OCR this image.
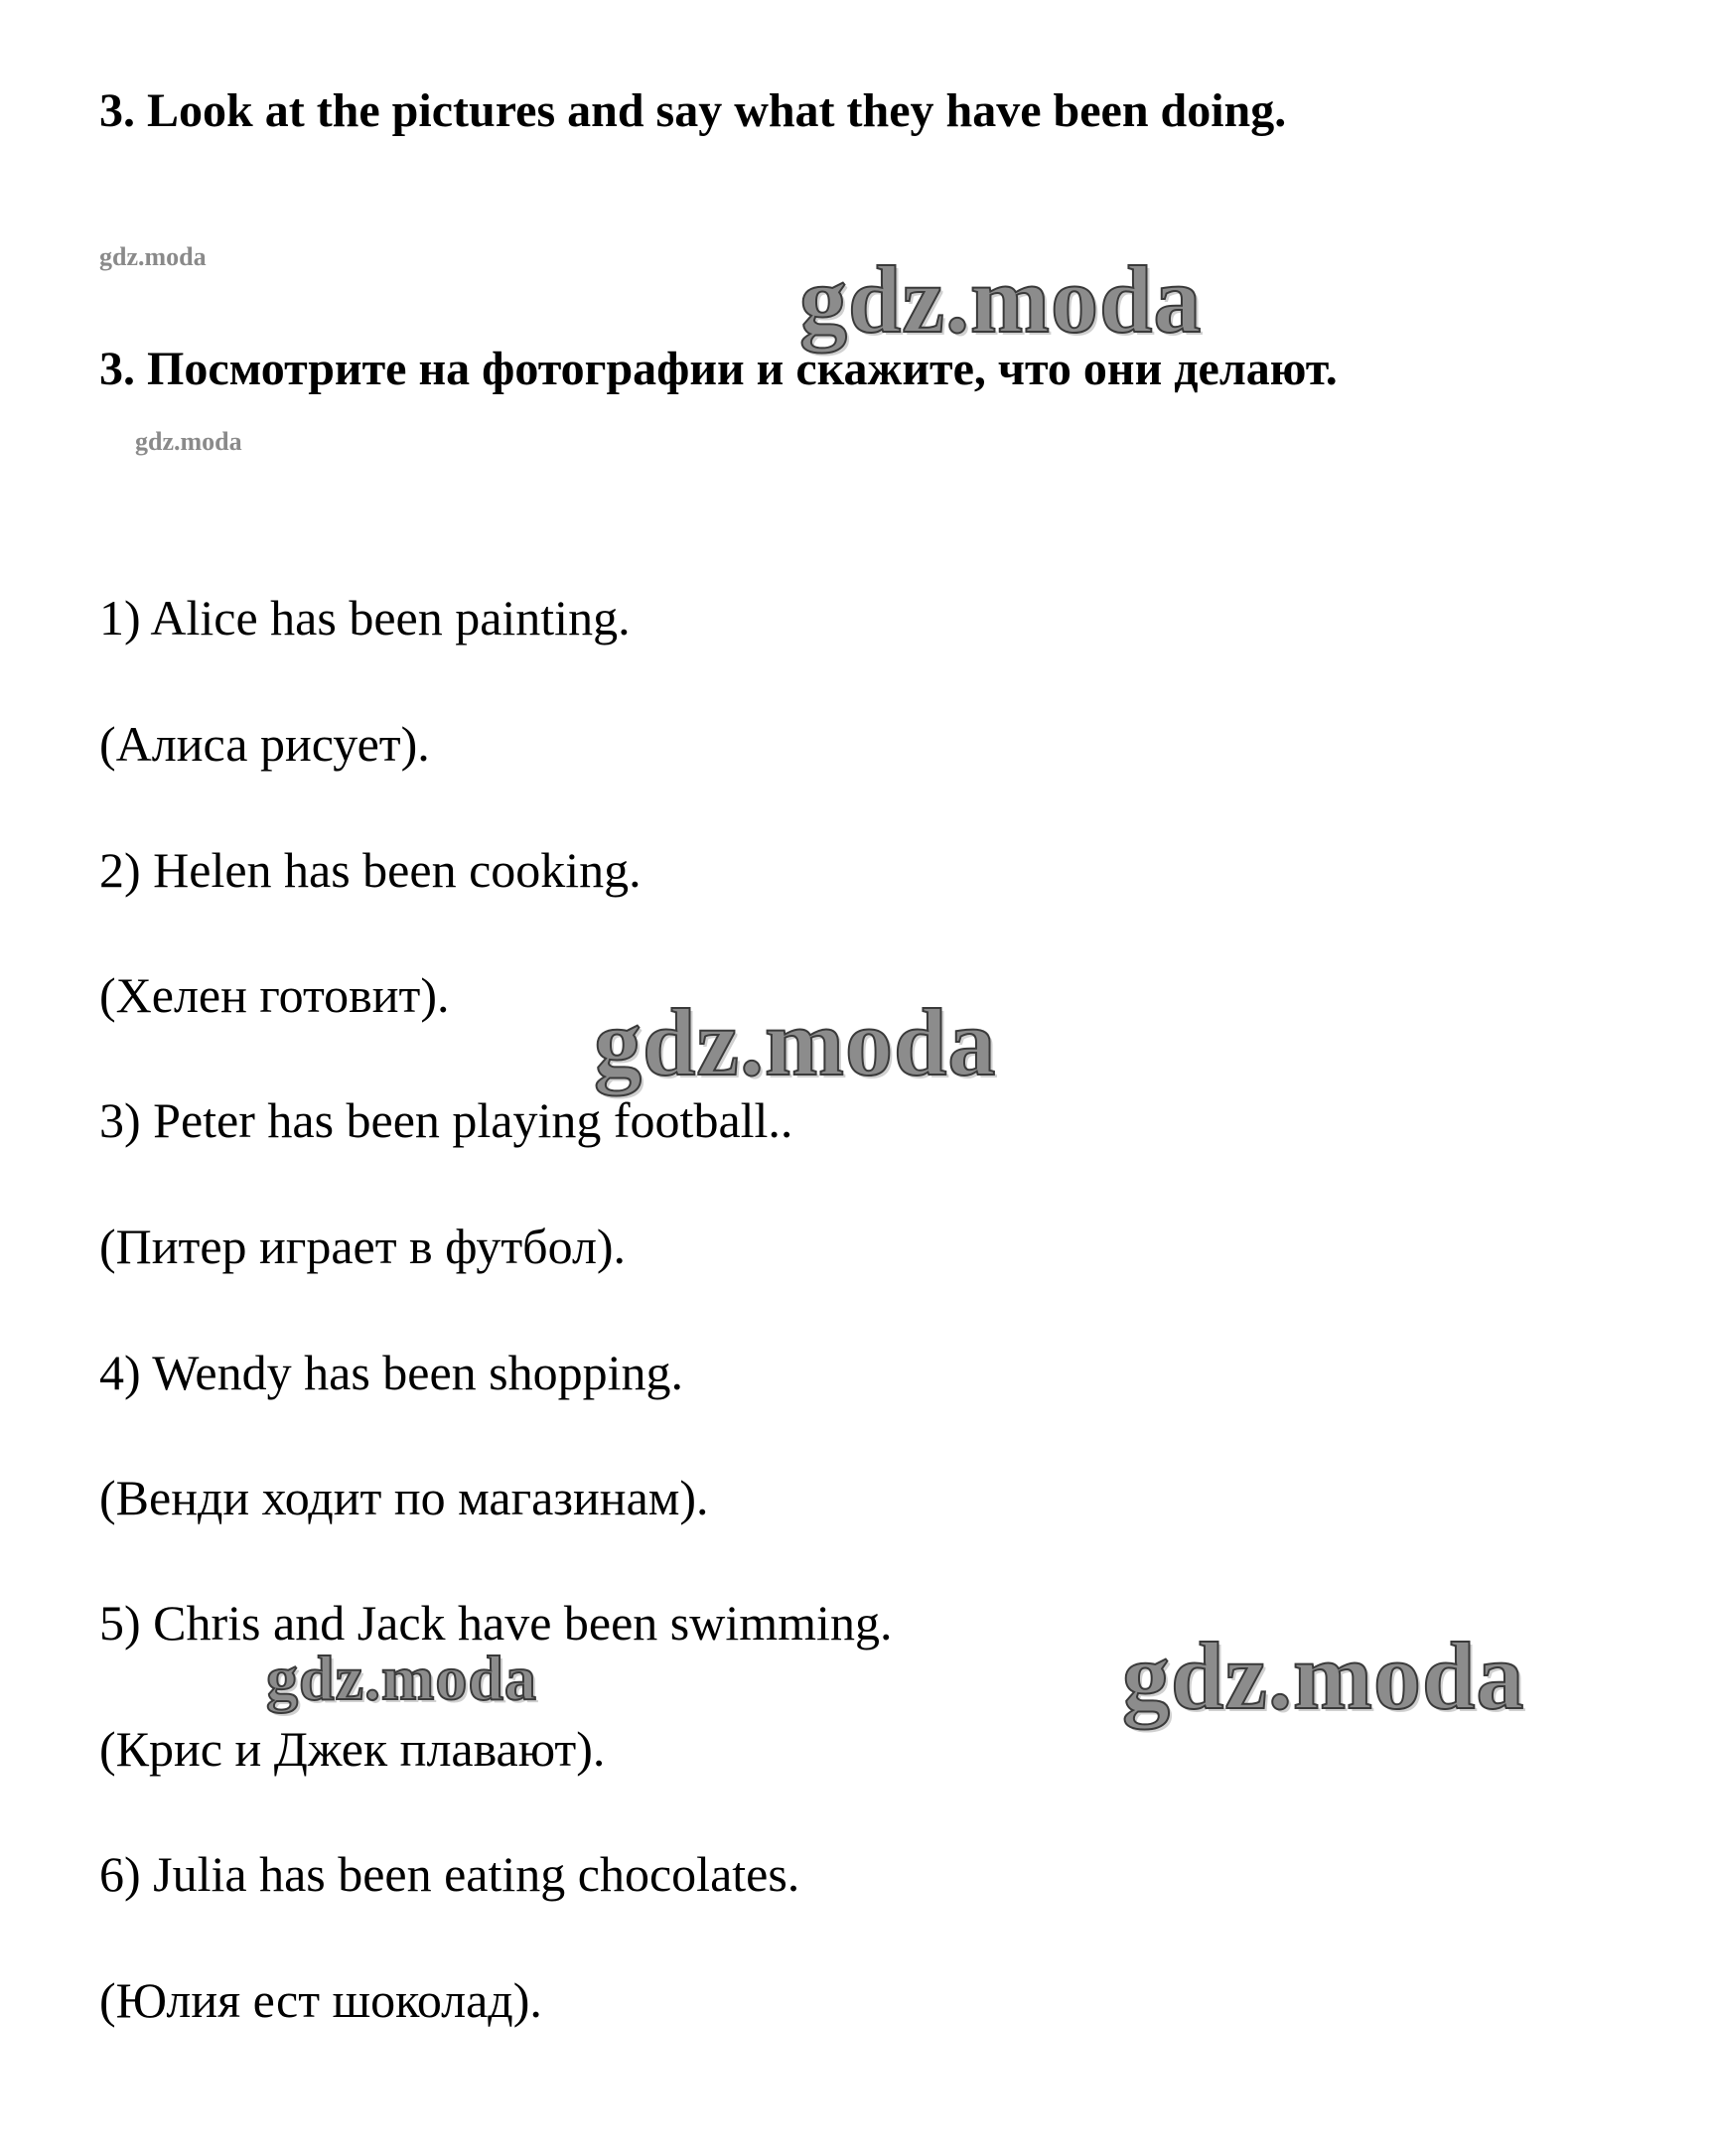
3. Look at the pictures and say what they have been doing.
gdz.moda	gdz.moda
3. Посмотрите на фотографии и скажите, что они делают.
gdz.moda

1) Alice has been painting.

(Алиса рисует).

2) Helen has been cooking.

(Хелен готовит). gdz.moda

3) Peter has been playing football..

(Питер играет в футбол).

4) Wendy has been shopping.

(Венди ходит по магазинам).

5) Chris and Jack have been swimming.

gdz.moda	gdz.moda

(Крис и Джек плавают).

6) Julia has been eating chocolates.

(Юлия ест шоколад).
